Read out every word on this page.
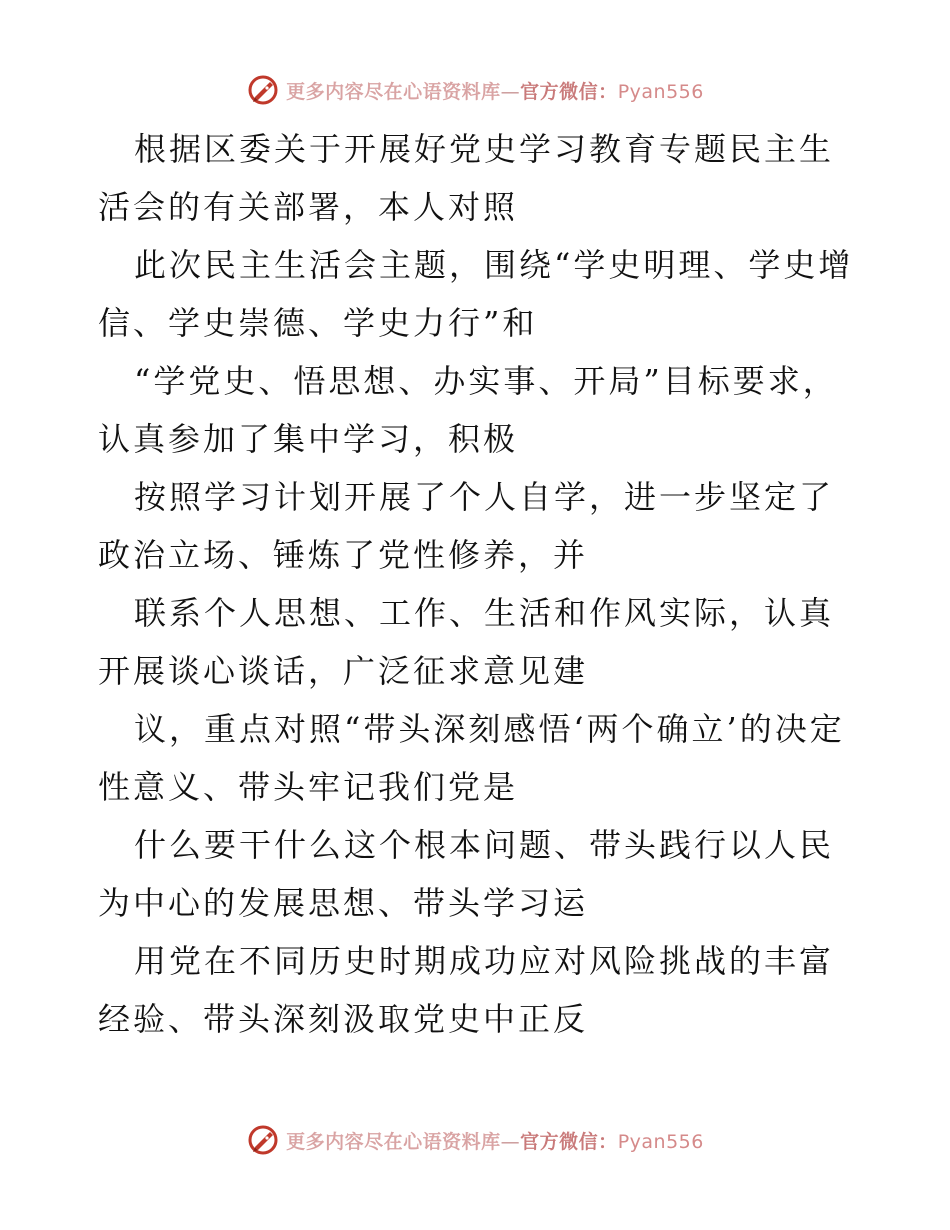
更多内容尽在心语资料库—官方微信：Pyan556

根据区委关于开展好党史学习教育专题民主生活会的有关部署，本人对照

此次民主生活会主题，围绕“学史明理、学史增信、学史崇德、学史力行”和

“学党史、悟思想、办实事、开局”目标要求，认真参加了集中学习，积极

按照学习计划开展了个人自学，进一步坚定了政治立场、锤炼了党性修养，并

联系个人思想、工作、生活和作风实际，认真开展谈心谈话，广泛征求意见建

议，重点对照“带头深刻感悟‘两个确立’的决定性意义、带头牢记我们党是

什么要干什么这个根本问题、带头践行以人民为中心的发展思想、带头学习运

用党在不同历史时期成功应对风险挑战的丰富经验、带头深刻汲取党史中正反

更多内容尽在心语资料库—官方微信：Pyan556
